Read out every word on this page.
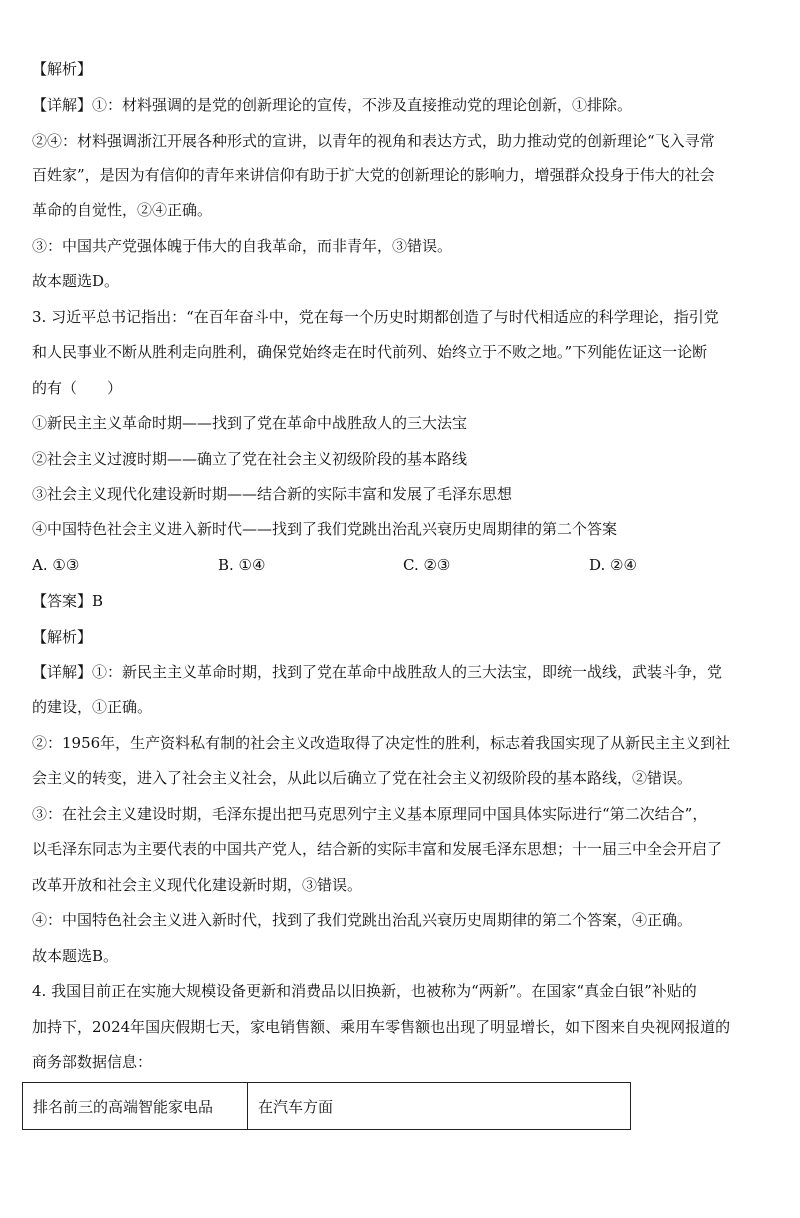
【解析】
【详解】①：材料强调的是党的创新理论的宣传，不涉及直接推动党的理论创新，①排除。
②④：材料强调浙江开展各种形式的宣讲，以青年的视角和表达方式，助力推动党的创新理论“飞入寻常
百姓家”，是因为有信仰的青年来讲信仰有助于扩大党的创新理论的影响力，增强群众投身于伟大的社会
革命的自觉性，②④正确。
③：中国共产党强体魄于伟大的自我革命，而非青年，③错误。
故本题选D。
3. 习近平总书记指出：“在百年奋斗中，党在每一个历史时期都创造了与时代相适应的科学理论，指引党
和人民事业不断从胜利走向胜利，确保党始终走在时代前列、始终立于不败之地。”下列能佐证这一论断
的有（　　）
①新民主主义革命时期——找到了党在革命中战胜敌人的三大法宝
②社会主义过渡时期——确立了党在社会主义初级阶段的基本路线
③社会主义现代化建设新时期——结合新的实际丰富和发展了毛泽东思想
④中国特色社会主义进入新时代——找到了我们党跳出治乱兴衰历史周期律的第二个答案
A. ①③	B. ①④	C. ②③	D. ②④
【答案】B
【解析】
【详解】①：新民主主义革命时期，找到了党在革命中战胜敌人的三大法宝，即统一战线，武装斗争，党
的建设，①正确。
②：1956年，生产资料私有制的社会主义改造取得了决定性的胜利，标志着我国实现了从新民主主义到社
会主义的转变，进入了社会主义社会，从此以后确立了党在社会主义初级阶段的基本路线，②错误。
③：在社会主义建设时期，毛泽东提出把马克思列宁主义基本原理同中国具体实际进行“第二次结合”，
以毛泽东同志为主要代表的中国共产党人，结合新的实际丰富和发展毛泽东思想；十一届三中全会开启了
改革开放和社会主义现代化建设新时期，③错误。
④：中国特色社会主义进入新时代，找到了我们党跳出治乱兴衰历史周期律的第二个答案，④正确。
故本题选B。
4. 我国目前正在实施大规模设备更新和消费品以旧换新，也被称为“两新”。在国家“真金白银”补贴的
加持下，2024年国庆假期七天，家电销售额、乘用车零售额也出现了明显增长，如下图来自央视网报道的
商务部数据信息：
排名前三的高端智能家电品	在汽车方面
